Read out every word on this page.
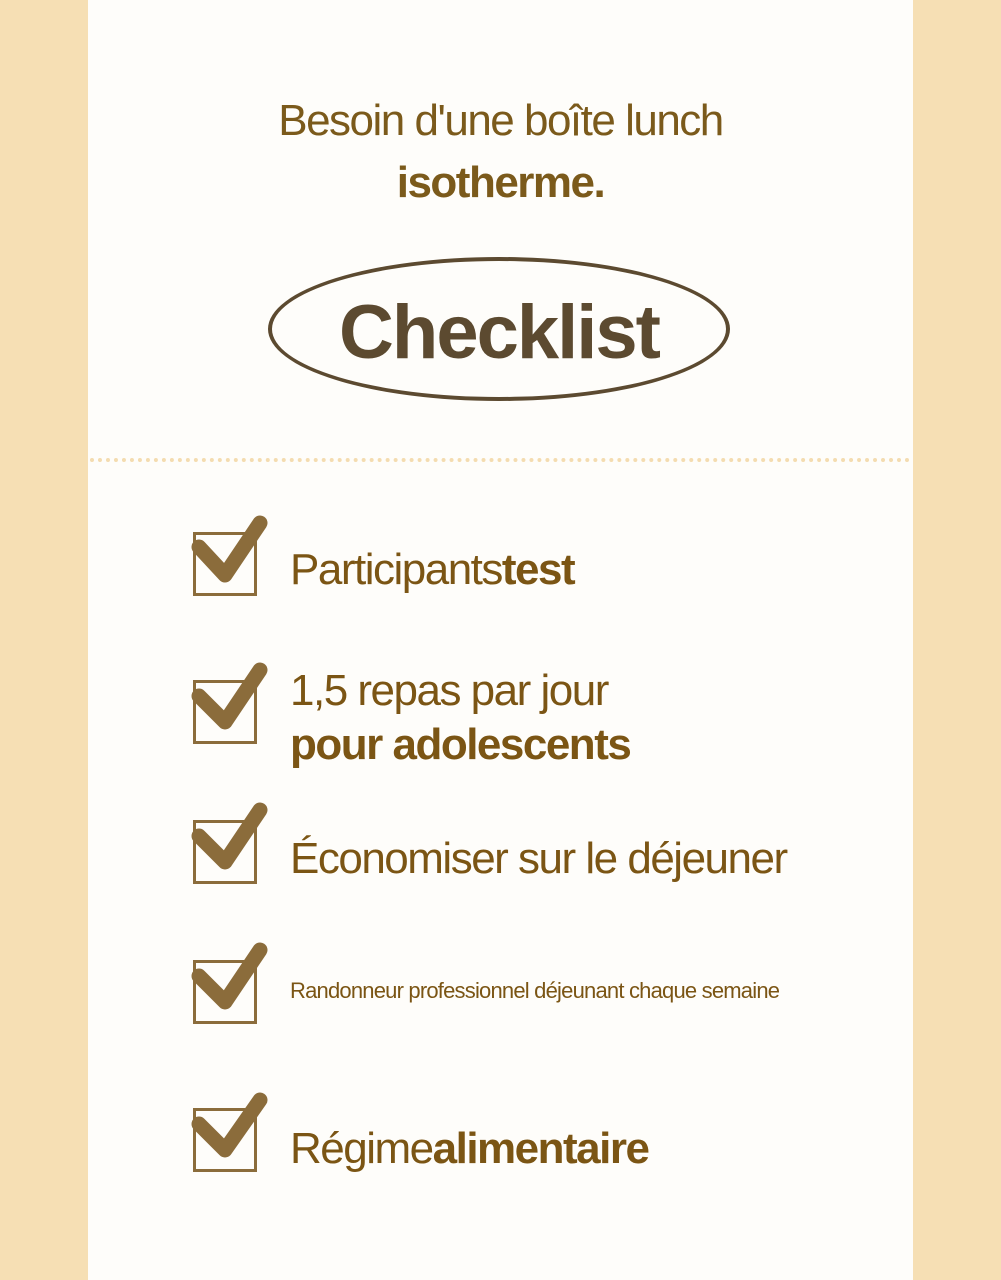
Besoin d'une boîte lunch
isotherme.
Checklist
Participantstest
1,5 repas par jour
pour adolescents
Économiser sur le déjeuner
Randonneur professionnel déjeunant chaque semaine
Régimealimentaire
